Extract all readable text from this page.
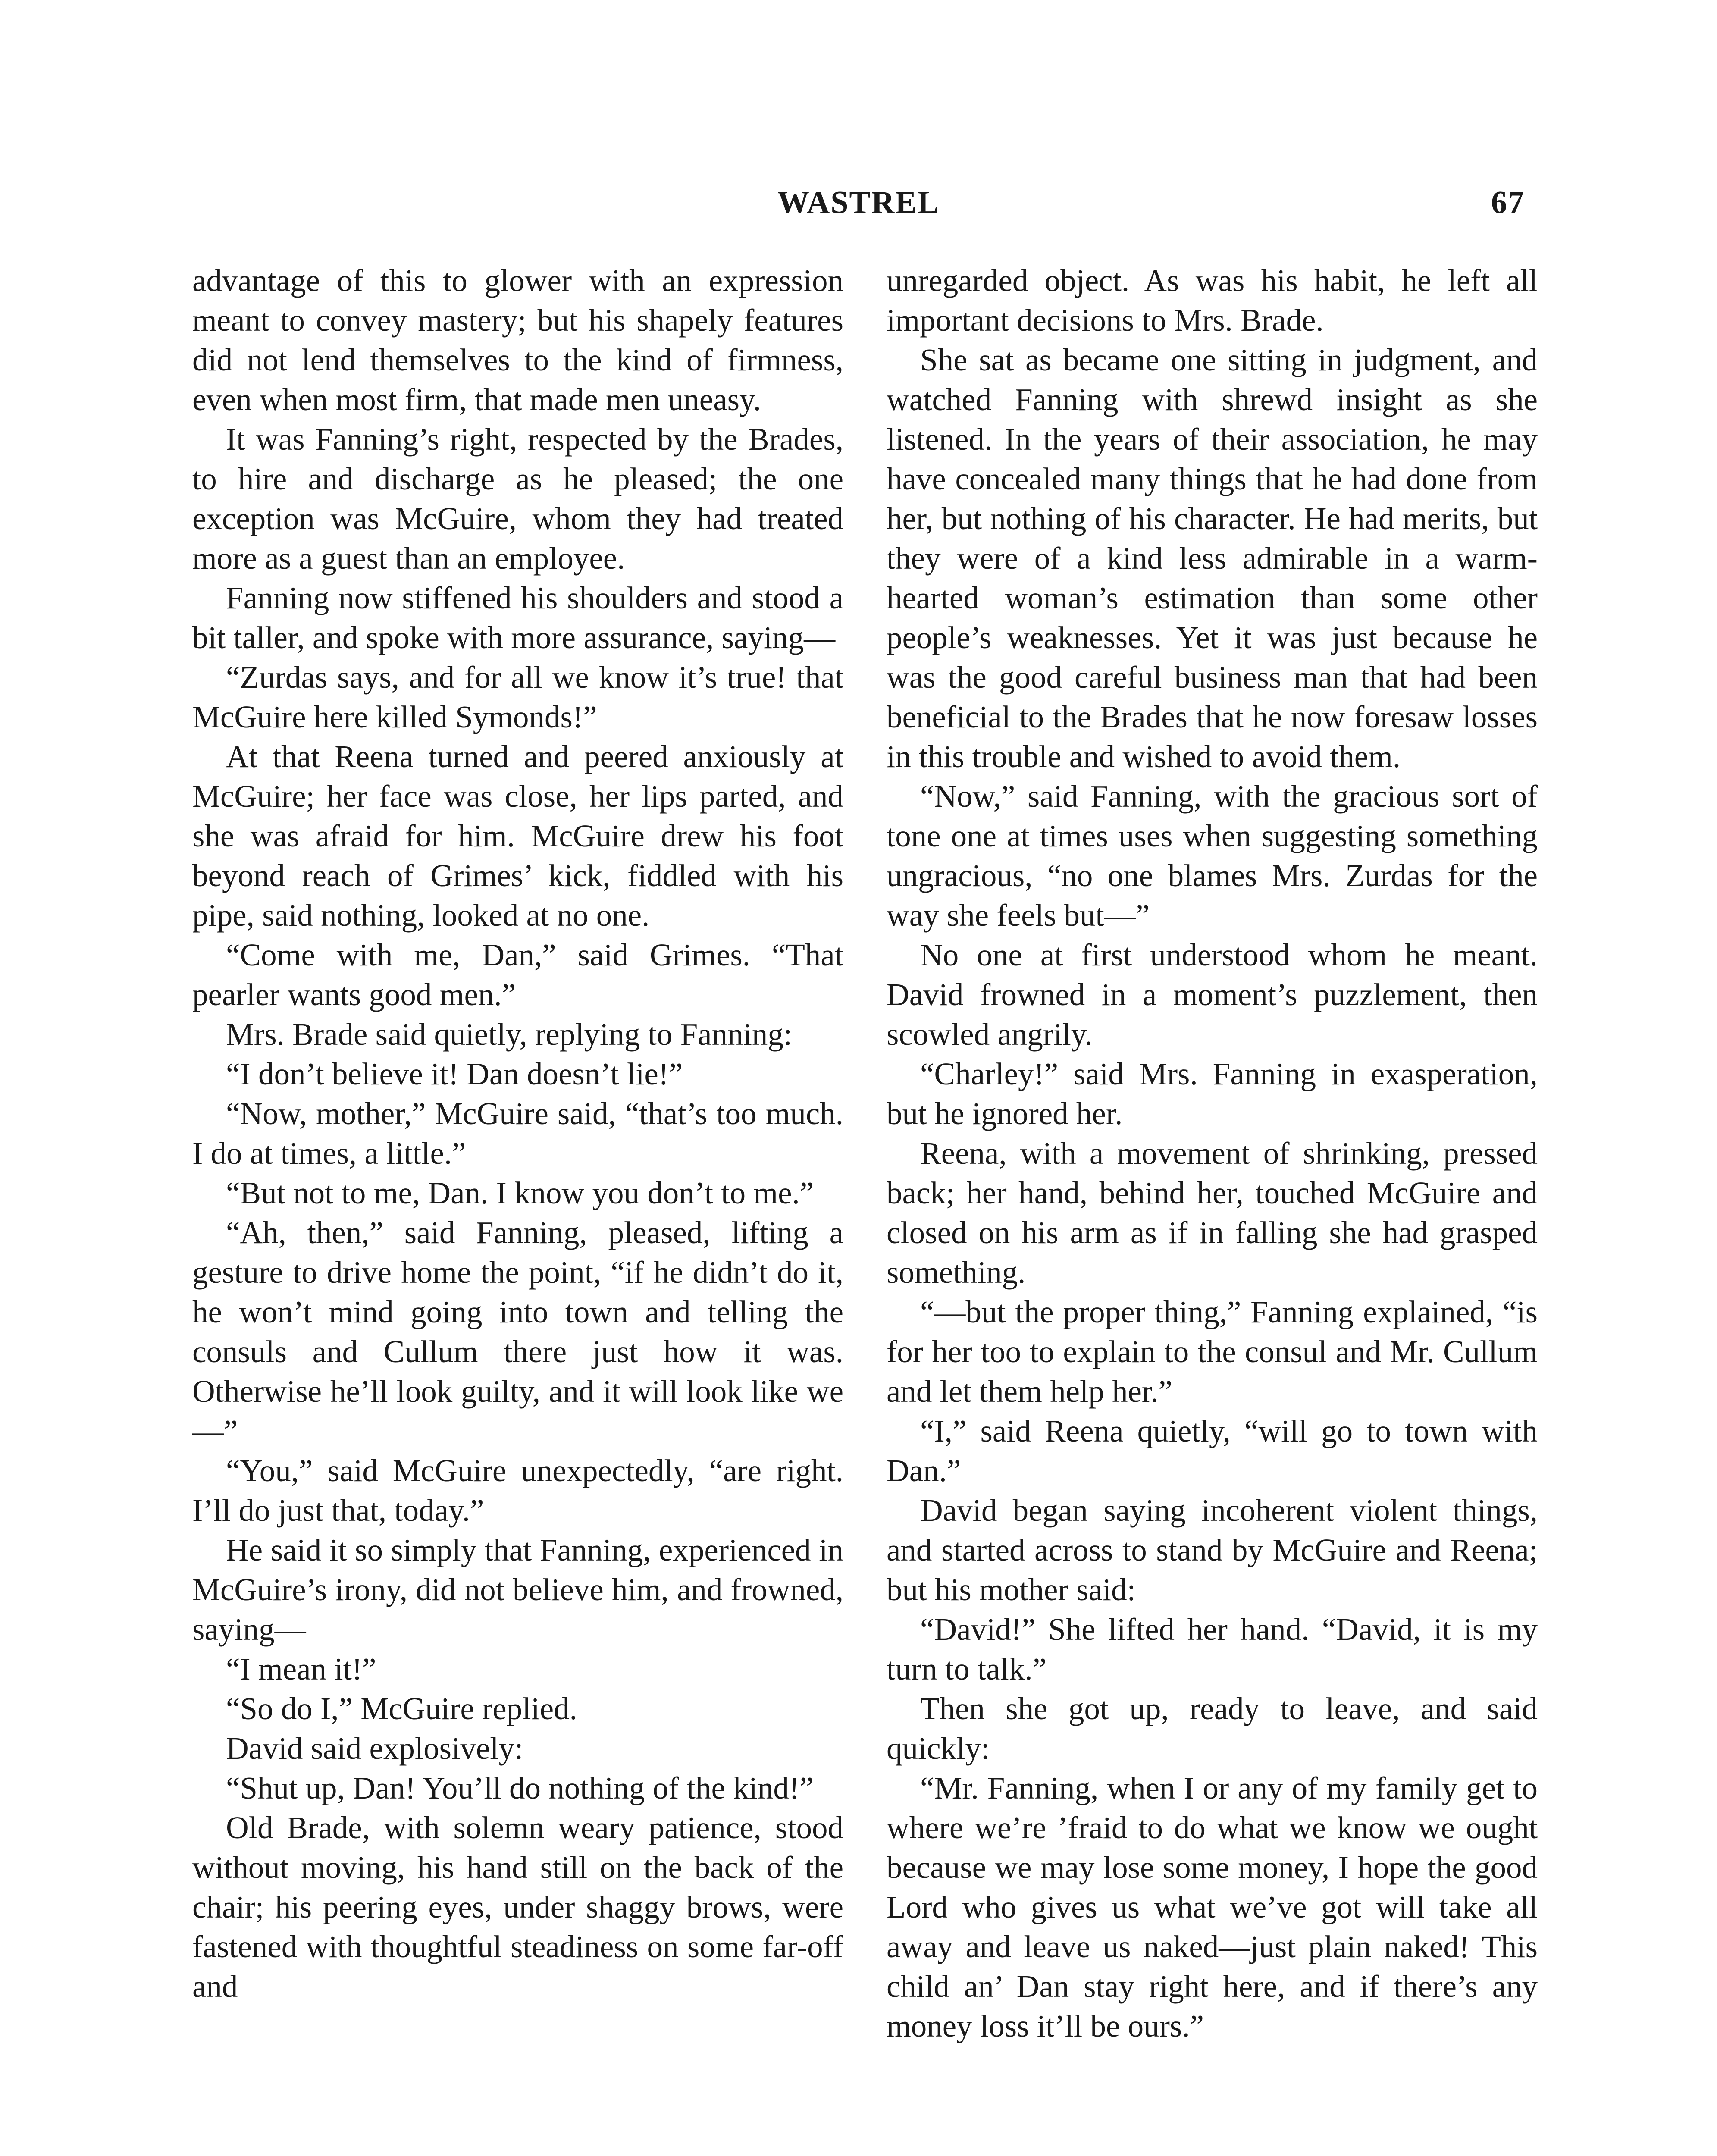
WASTREL	67

advantage of this to glower with an expression meant to convey mastery; but his shapely features did not lend themselves to the kind of firmness, even when most firm, that made men uneasy.

It was Fanning’s right, respected by the Brades, to hire and discharge as he pleased; the one exception was McGuire, whom they had treated more as a guest than an employee.

Fanning now stiffened his shoulders and stood a bit taller, and spoke with more assurance, saying—

“Zurdas says, and for all we know it’s true! that McGuire here killed Symonds!”

At that Reena turned and peered anxiously at McGuire; her face was close, her lips parted, and she was afraid for him. McGuire drew his foot beyond reach of Grimes’ kick, fiddled with his pipe, said nothing, looked at no one.

“Come with me, Dan,” said Grimes. “That pearler wants good men.”

Mrs. Brade said quietly, replying to Fanning:

“I don’t believe it! Dan doesn’t lie!”

“Now, mother,” McGuire said, “that’s too much. I do at times, a little.”

“But not to me, Dan. I know you don’t to me.”

“Ah, then,” said Fanning, pleased, lifting a gesture to drive home the point, “if he didn’t do it, he won’t mind going into town and telling the consuls and Cullum there just how it was. Otherwise he’ll look guilty, and it will look like we—”

“You,” said McGuire unexpectedly, “are right. I’ll do just that, today.”

He said it so simply that Fanning, experienced in McGuire’s irony, did not believe him, and frowned, saying—

“I mean it!”

“So do I,” McGuire replied.

David said explosively:

“Shut up, Dan! You’ll do nothing of the kind!”

Old Brade, with solemn weary patience, stood without moving, his hand still on the back of the chair; his peering eyes, under shaggy brows, were fastened with thoughtful steadiness on some far-off and

unregarded object. As was his habit, he left all important decisions to Mrs. Brade.

She sat as became one sitting in judgment, and watched Fanning with shrewd insight as she listened. In the years of their association, he may have concealed many things that he had done from her, but nothing of his character. He had merits, but they were of a kind less admirable in a warm-hearted woman’s estimation than some other people’s weaknesses. Yet it was just because he was the good careful business man that had been beneficial to the Brades that he now foresaw losses in this trouble and wished to avoid them.

“Now,” said Fanning, with the gracious sort of tone one at times uses when suggesting something ungracious, “no one blames Mrs. Zurdas for the way she feels but—”

No one at first understood whom he meant. David frowned in a moment’s puzzlement, then scowled angrily.

“Charley!” said Mrs. Fanning in exasperation, but he ignored her.

Reena, with a movement of shrinking, pressed back; her hand, behind her, touched McGuire and closed on his arm as if in falling she had grasped something.

“—but the proper thing,” Fanning explained, “is for her too to explain to the consul and Mr. Cullum and let them help her.”

“I,” said Reena quietly, “will go to town with Dan.”

David began saying incoherent violent things, and started across to stand by McGuire and Reena; but his mother said:

“David!” She lifted her hand. “David, it is my turn to talk.”

Then she got up, ready to leave, and said quickly:

“Mr. Fanning, when I or any of my family get to where we’re ’fraid to do what we know we ought because we may lose some money, I hope the good Lord who gives us what we’ve got will take all away and leave us naked—just plain naked! This child an’ Dan stay right here, and if there’s any money loss it’ll be ours.”
